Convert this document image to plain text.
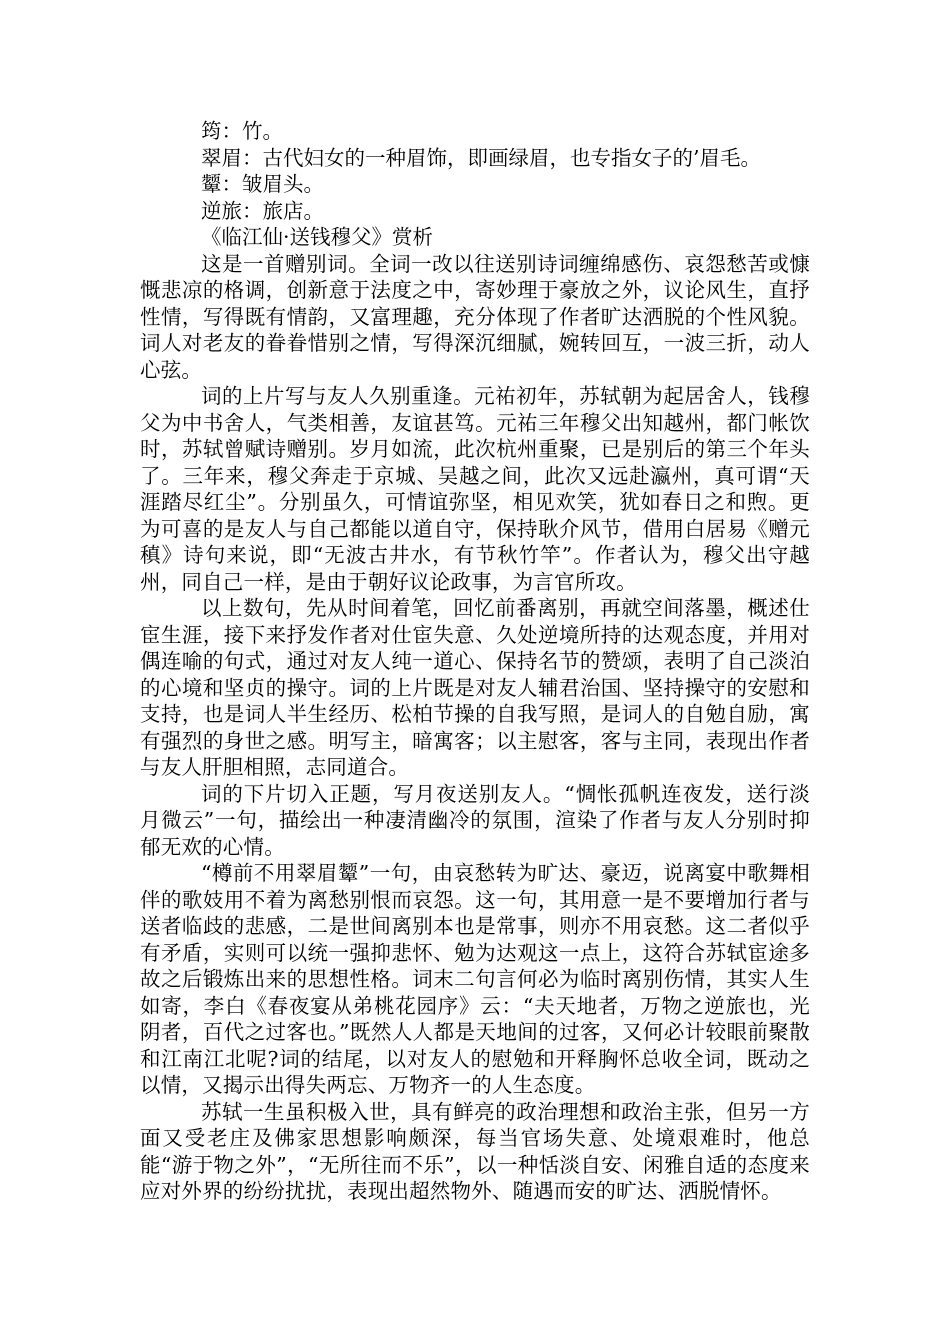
筠：竹。

翠眉：古代妇女的一种眉饰，即画绿眉，也专指女子的’眉毛。

颦：皱眉头。

逆旅：旅店。

《临江仙·送钱穆父》赏析

这是一首赠别词。全词一改以往送别诗词缠绵感伤、哀怨愁苦或慷慨悲凉的格调，创新意于法度之中，寄妙理于豪放之外，议论风生，直抒性情，写得既有情韵，又富理趣，充分体现了作者旷达洒脱的个性风貌。词人对老友的眷眷惜别之情，写得深沉细腻，婉转回互，一波三折，动人心弦。

词的上片写与友人久别重逢。元祐初年，苏轼朝为起居舍人，钱穆父为中书舍人，气类相善，友谊甚笃。元祐三年穆父出知越州，都门帐饮时，苏轼曾赋诗赠别。岁月如流，此次杭州重聚，已是别后的第三个年头了。三年来，穆父奔走于京城、吴越之间，此次又远赴瀛州，真可谓“天涯踏尽红尘”。分别虽久，可情谊弥坚，相见欢笑，犹如春日之和煦。更为可喜的是友人与自己都能以道自守，保持耿介风节，借用白居易《赠元稹》诗句来说，即“无波古井水，有节秋竹竿”。作者认为，穆父出守越州，同自己一样，是由于朝好议论政事，为言官所攻。

以上数句，先从时间着笔，回忆前番离别，再就空间落墨，概述仕宦生涯，接下来抒发作者对仕宦失意、久处逆境所持的达观态度，并用对偶连喻的句式，通过对友人纯一道心、保持名节的赞颂，表明了自己淡泊的心境和坚贞的操守。词的上片既是对友人辅君治国、坚持操守的安慰和支持，也是词人半生经历、松柏节操的自我写照，是词人的自勉自励，寓有强烈的身世之感。明写主，暗寓客；以主慰客，客与主同，表现出作者与友人肝胆相照，志同道合。

词的下片切入正题，写月夜送别友人。“惆怅孤帆连夜发，送行淡月微云”一句，描绘出一种凄清幽冷的氛围，渲染了作者与友人分别时抑郁无欢的心情。

“樽前不用翠眉颦”一句，由哀愁转为旷达、豪迈，说离宴中歌舞相伴的歌妓用不着为离愁别恨而哀怨。这一句，其用意一是不要增加行者与送者临歧的悲感，二是世间离别本也是常事，则亦不用哀愁。这二者似乎有矛盾，实则可以统一强抑悲怀、勉为达观这一点上，这符合苏轼宦途多故之后锻炼出来的思想性格。词末二句言何必为临时离别伤情，其实人生如寄，李白《春夜宴从弟桃花园序》云：“夫天地者，万物之逆旅也，光阴者，百代之过客也。”既然人人都是天地间的过客，又何必计较眼前聚散和江南江北呢?词的结尾，以对友人的慰勉和开释胸怀总收全词，既动之以情，又揭示出得失两忘、万物齐一的人生态度。

苏轼一生虽积极入世，具有鲜亮的政治理想和政治主张，但另一方面又受老庄及佛家思想影响颇深，每当官场失意、处境艰难时，他总能“游于物之外”，“无所往而不乐”，以一种恬淡自安、闲雅自适的态度来应对外界的纷纷扰扰，表现出超然物外、随遇而安的旷达、洒脱情怀。
